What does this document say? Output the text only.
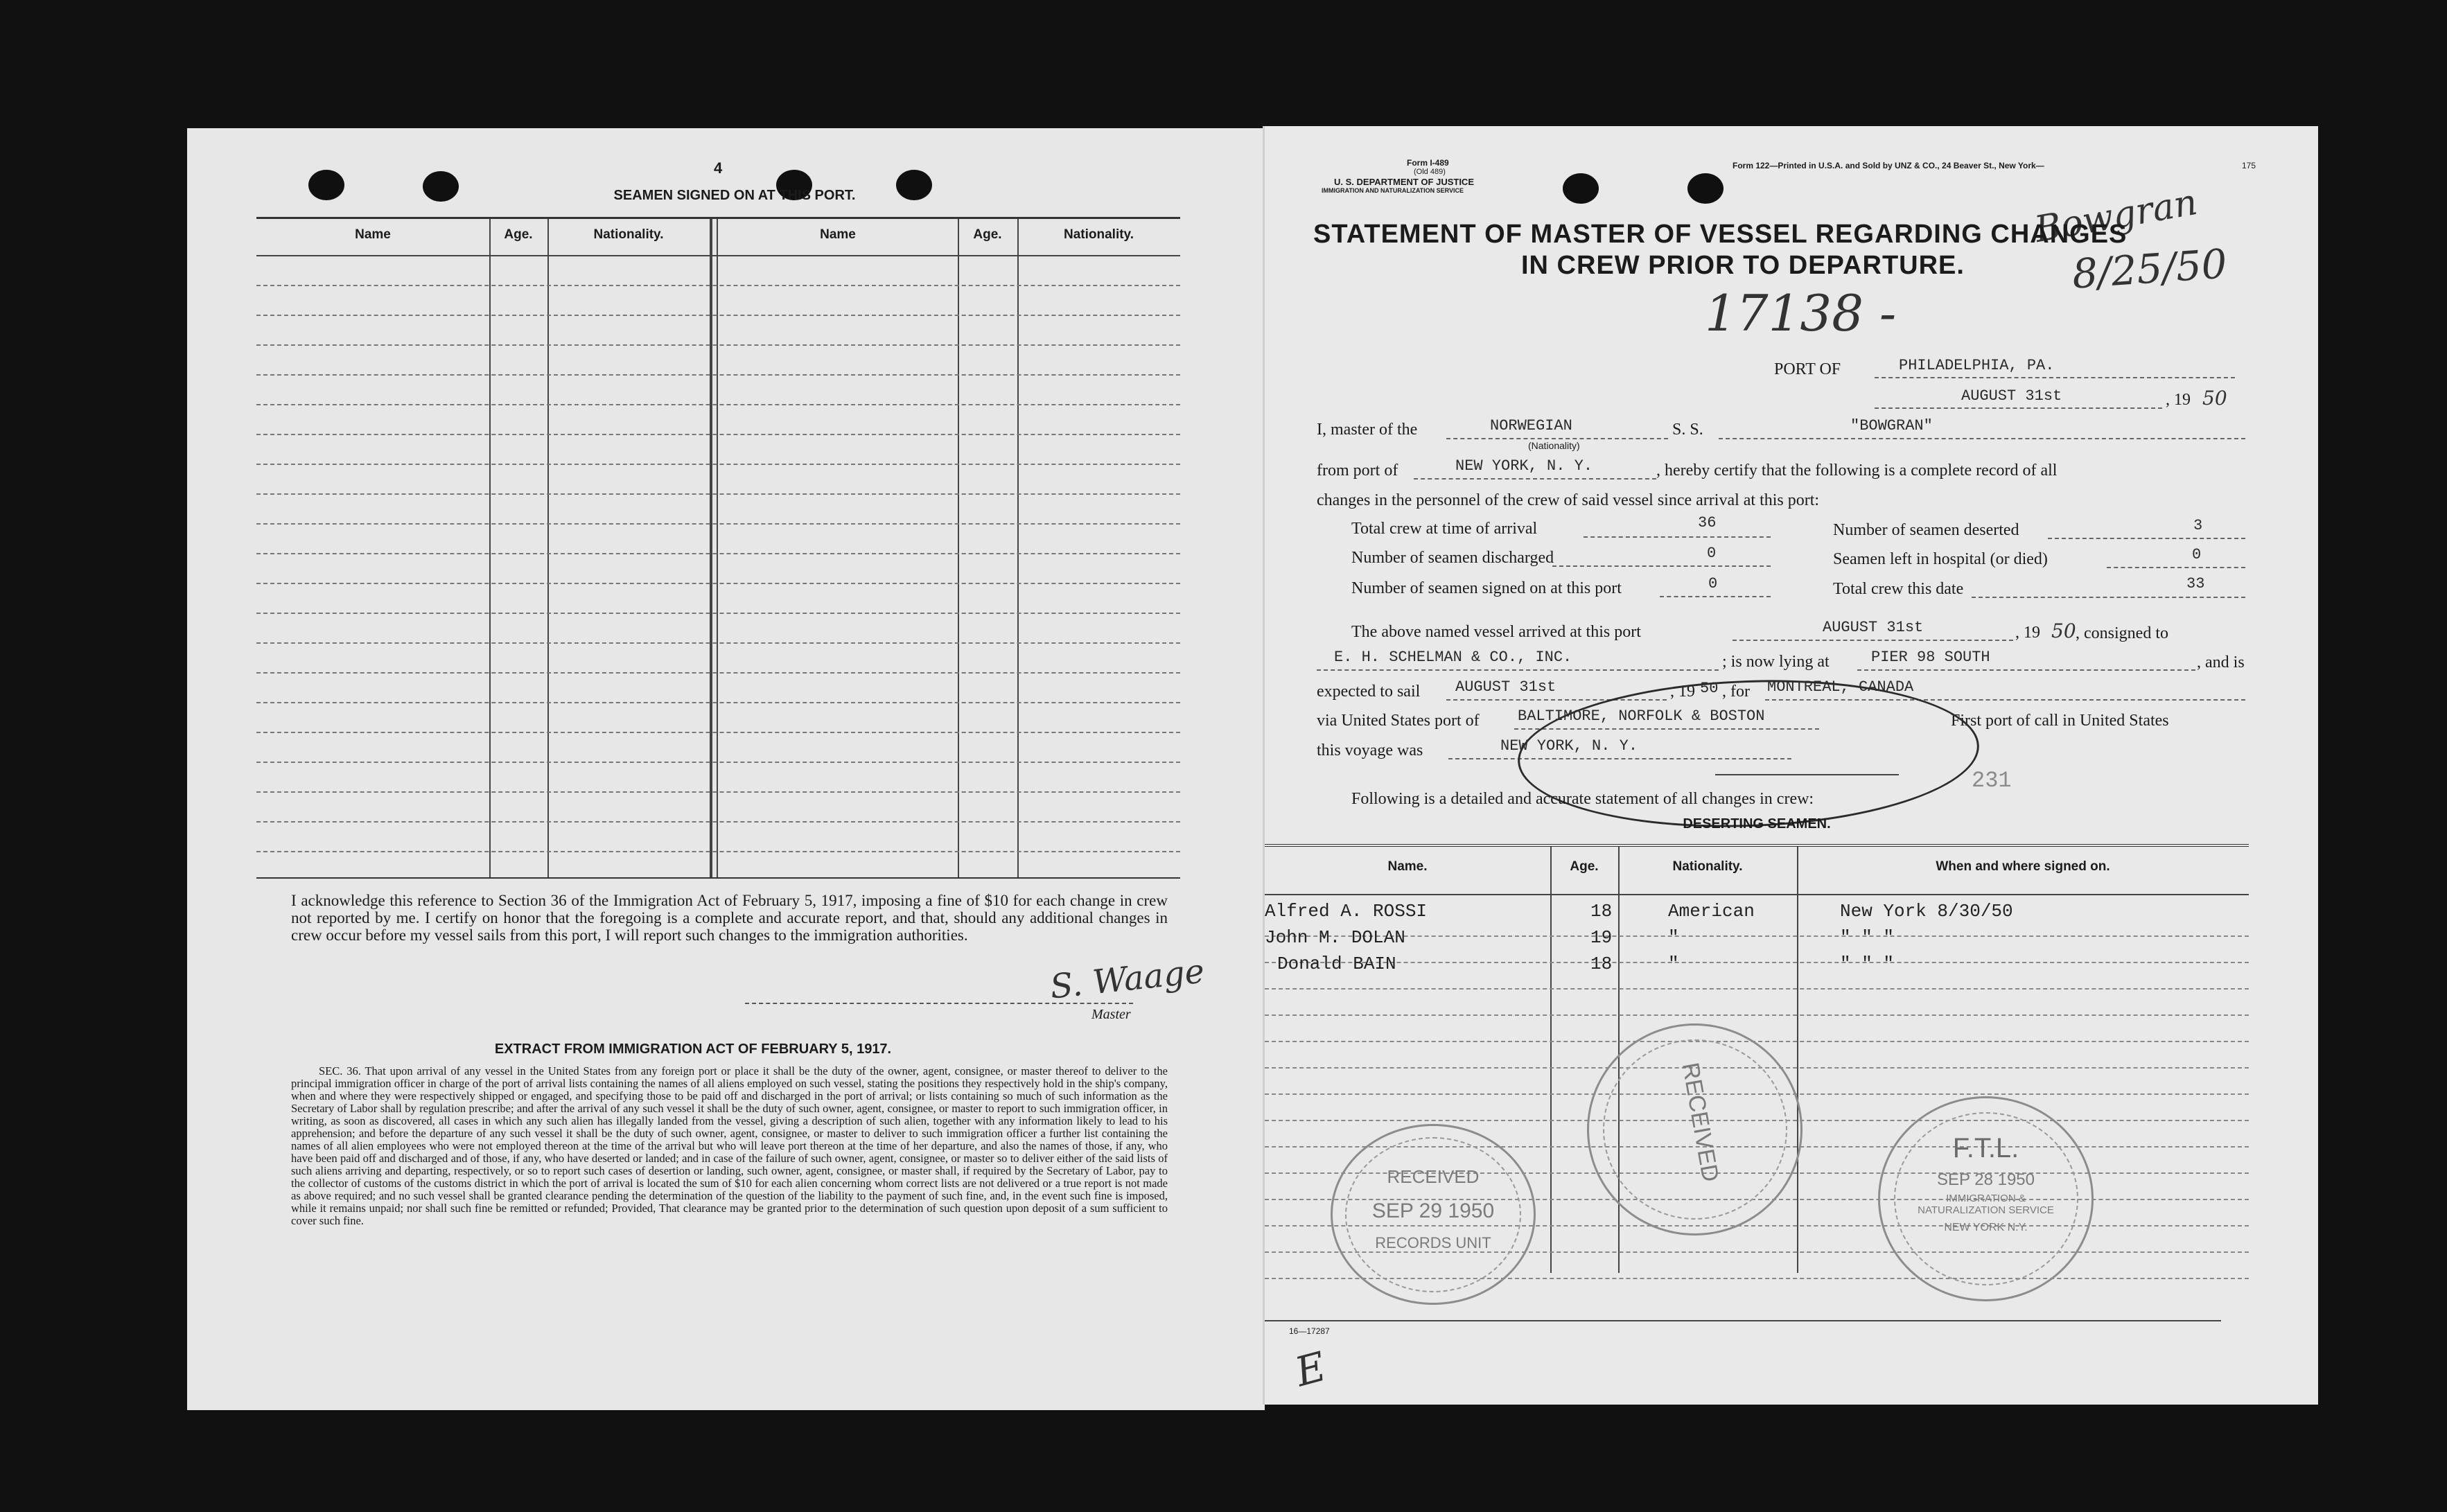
4
SEAMEN SIGNED ON AT THIS PORT.
Name	Age.	Nationality.	Name	Age.	Nationality.
I acknowledge this reference to Section 36 of the Immigration Act of February 5, 1917, imposing a fine of $10 for each change in crew not reported by me. I certify on honor that the foregoing is a complete and accurate report, and that, should any additional changes in crew occur before my vessel sails from this port, I will report such changes to the immigration authorities.
S. Waage
Master
EXTRACT FROM IMMIGRATION ACT OF FEBRUARY 5, 1917.
SEC. 36. That upon arrival of any vessel in the United States from any foreign port or place it shall be the duty of the owner, agent, consignee, or master thereof to deliver to the principal immigration officer in charge of the port of arrival lists containing the names of all aliens employed on such vessel, stating the positions they respectively hold in the ship's company, when and where they were respectively shipped or engaged, and specifying those to be paid off and discharged in the port of arrival; or lists containing so much of such information as the Secretary of Labor shall by regulation prescribe; and after the arrival of any such vessel it shall be the duty of such owner, agent, consignee, or master to report to such immigration officer, in writing, as soon as discovered, all cases in which any such alien has illegally landed from the vessel, giving a description of such alien, together with any information likely to lead to his apprehension; and before the departure of any such vessel it shall be the duty of such owner, agent, consignee, or master to deliver to such immigration officer a further list containing the names of all alien employees who were not employed thereon at the time of the arrival but who will leave port thereon at the time of her departure, and also the names of those, if any, who have been paid off and discharged and of those, if any, who have deserted or landed; and in case of the failure of such owner, agent, consignee, or master so to deliver either of the said lists of such aliens arriving and departing, respectively, or so to report such cases of desertion or landing, such owner, agent, consignee, or master shall, if required by the Secretary of Labor, pay to the collector of customs of the customs district in which the port of arrival is located the sum of $10 for each alien concerning whom correct lists are not delivered or a true report is not made as above required; and no such vessel shall be granted clearance pending the determination of the question of the liability to the payment of such fine, and, in the event such fine is imposed, while it remains unpaid; nor shall such fine be remitted or refunded; Provided, That clearance may be granted prior to the determination of such question upon deposit of a sum sufficient to cover such fine.
Form I-489
(Old 489)
U. S. DEPARTMENT OF JUSTICE
IMMIGRATION AND NATURALIZATION SERVICE
Form 122—Printed in U.S.A. and Sold by UNZ & CO., 24 Beaver St., New York—	175
Bowgran
8/25/50
17138 -
STATEMENT OF MASTER OF VESSEL REGARDING CHANGES
IN CREW PRIOR TO DEPARTURE.
PORT OF	PHILADELPHIA, PA.
AUGUST 31st	, 19 50
I, master of the	NORWEGIAN
(Nationality)
S. S.	"BOWGRAN"
from port of	NEW YORK, N. Y.	, hereby certify that the following is a complete record of all
changes in the personnel of the crew of said vessel since arrival at this port:
Total crew at time of arrival	36	Number of seamen deserted	3
Number of seamen discharged	0	Seamen left in hospital (or died)	0
Number of seamen signed on at this port	0	Total crew this date	33
The above named vessel arrived at this port	AUGUST 31st	, 19 50 , consigned to
E. H. SCHELMAN & CO., INC.	; is now lying at	PIER 98 SOUTH	, and is
expected to sail AUGUST 31st	, 19 50 , for MONTREAL, CANADA
via United States port of	BALTIMORE, NORFOLK & BOSTON	First port of call in United States
this voyage was	NEW YORK, N. Y.
231
Following is a detailed and accurate statement of all changes in crew:
DESERTING SEAMEN.
Name.	Age.	Nationality.	When and where signed on.
Alfred A. ROSSI	18	American	New York 8/30/50
John M. DOLAN	19	"	" " "
Donald BAIN	18	"	" " "
RECEIVED
SEP 29 1950
RECORDS UNIT
RECEIVED	F.T.L.
SEP 28 1950
IMMIGRATION & NATURALIZATION SERVICE
NEW YORK N.Y.
16—17287
E
